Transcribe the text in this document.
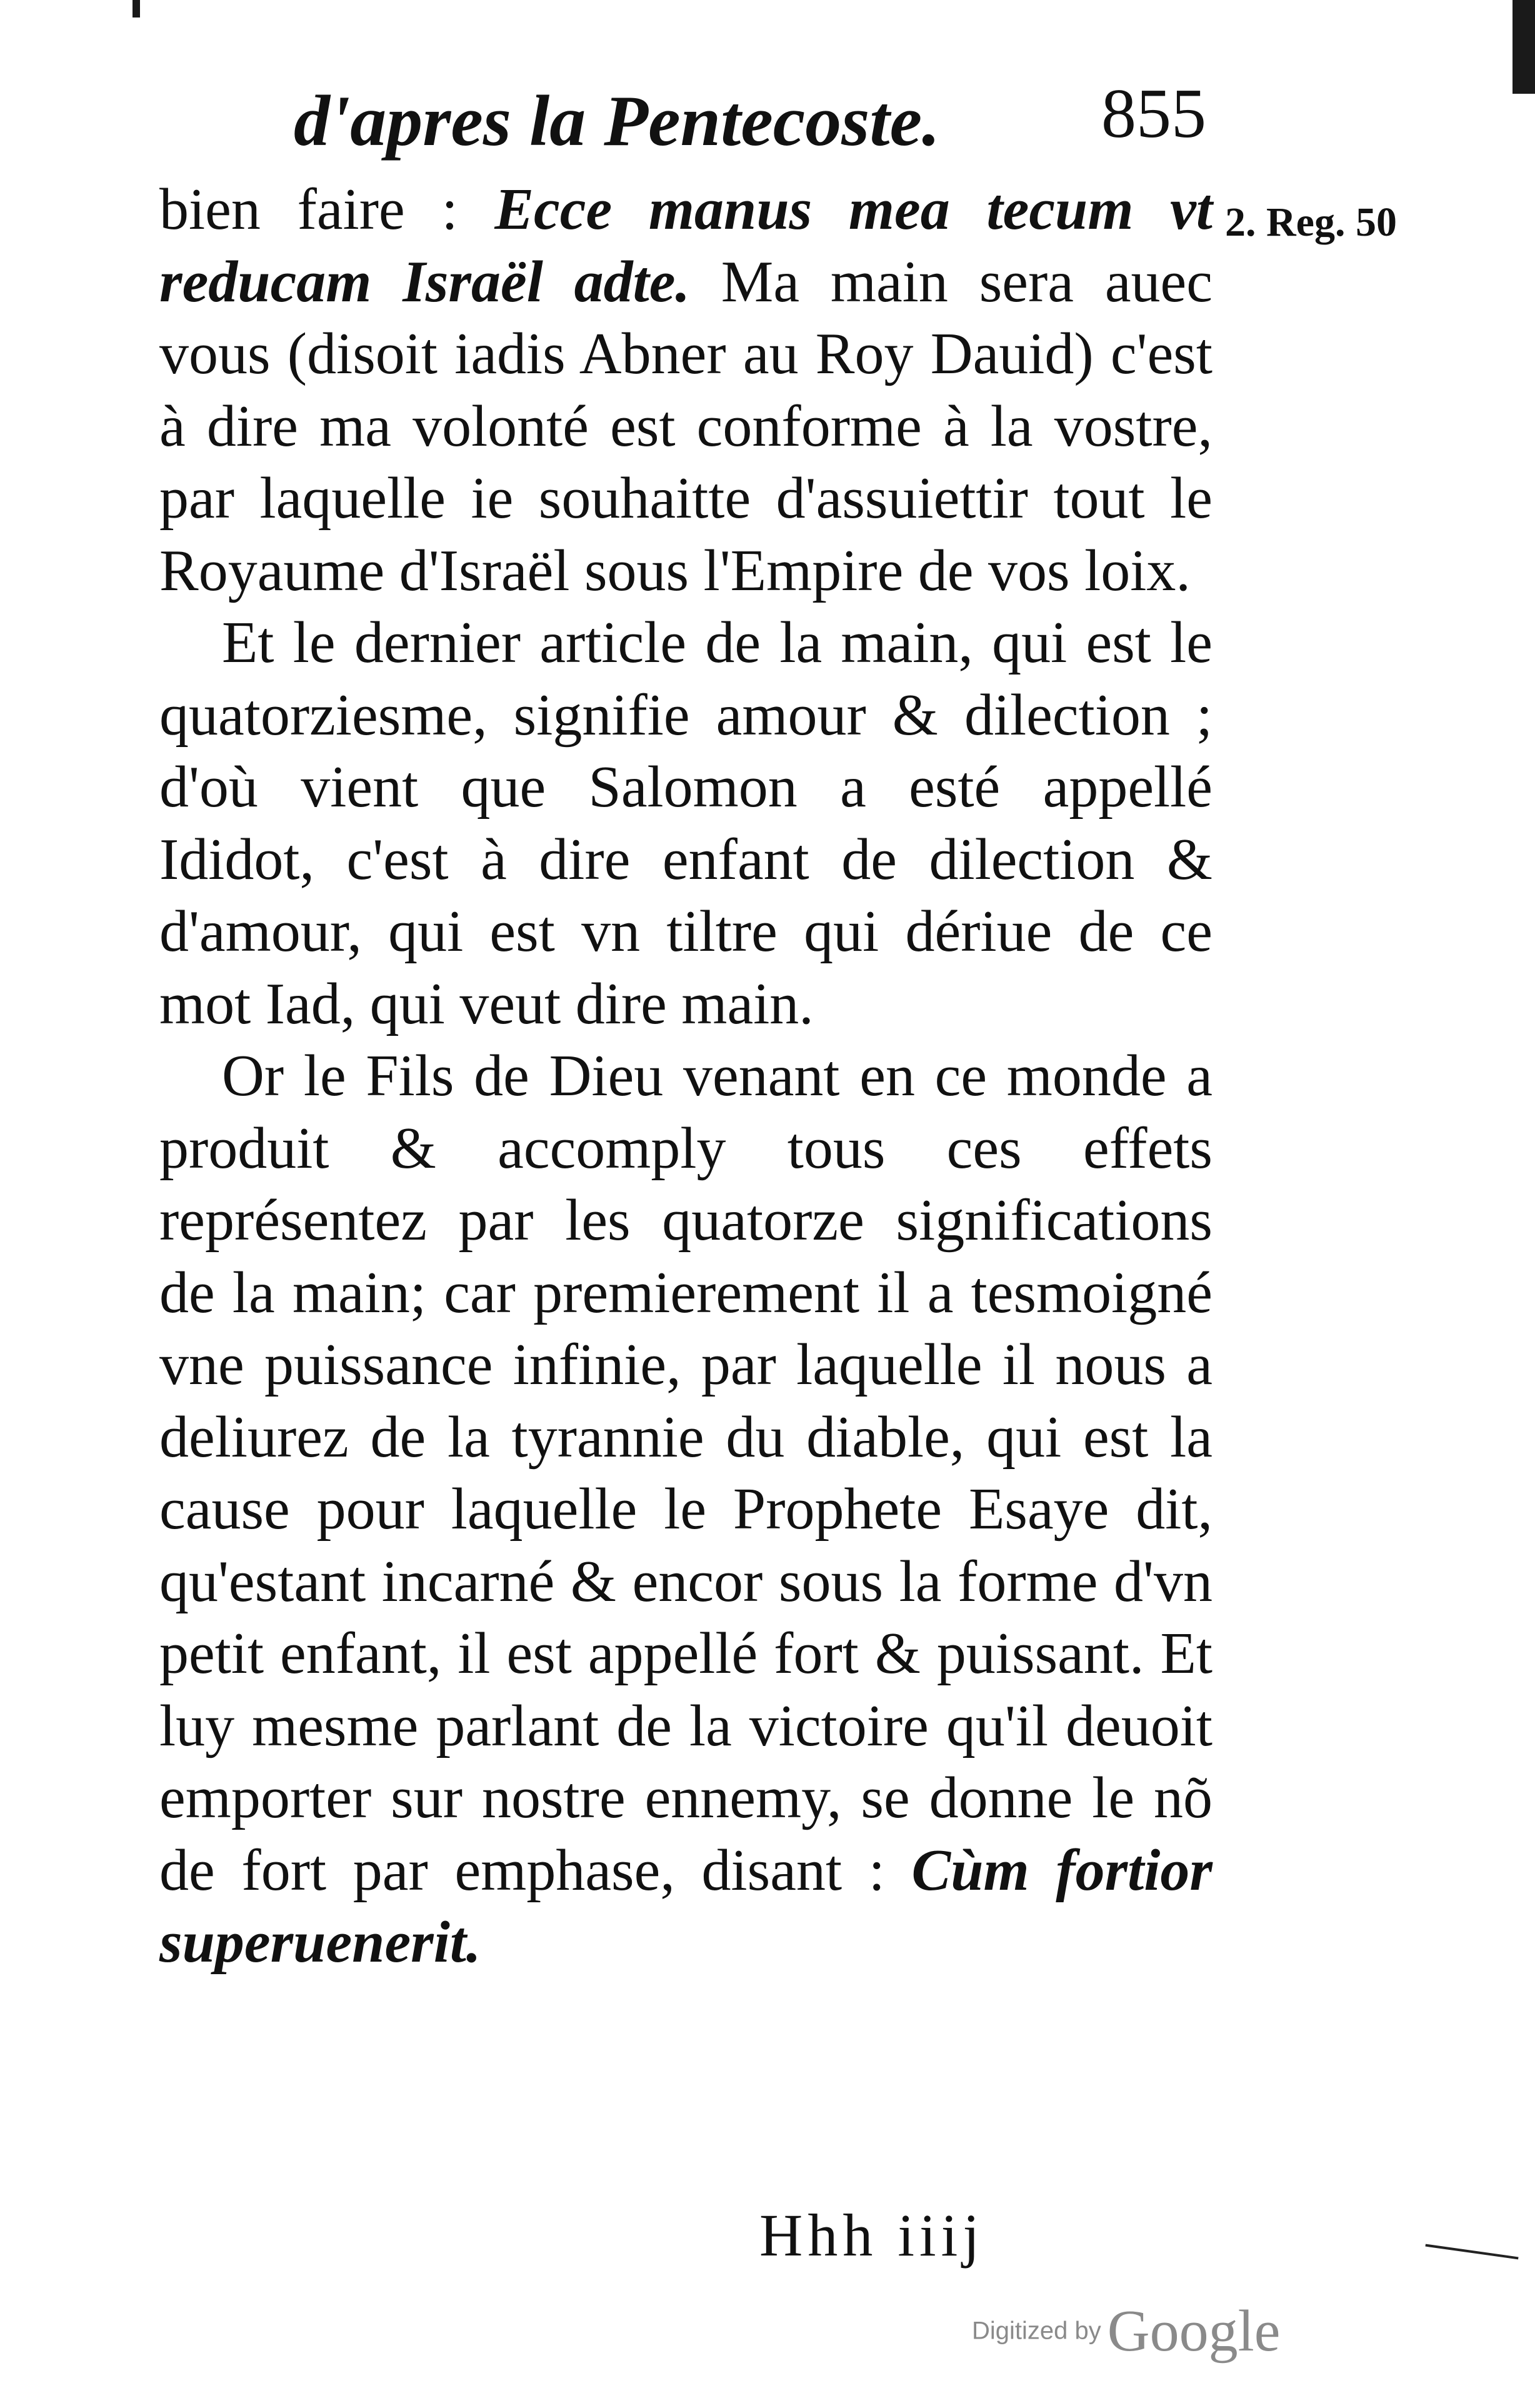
d'apres la Pentecoste. 855
2. Reg. 50

bien faire : Ecce manus mea tecum vt reducam Israël adte. Ma main sera auec vous (disoit iadis Abner au Roy Dauid) c'est à dire ma volonté est conforme à la vostre, par laquelle ie souhaitte d'assuiettir tout le Royaume d'Israël sous l'Empire de vos loix.

Et le dernier article de la main, qui est le quatorziesme, signifie amour & dilection ; d'où vient que Salomon a esté appellé Ididot, c'est à dire enfant de dilection & d'amour, qui est vn tiltre qui dériue de ce mot Iad, qui veut dire main.

Or le Fils de Dieu venant en ce monde a produit & accomply tous ces effets représentez par les quatorze significations de la main; car premierement il a tesmoigné vne puissance infinie, par laquelle il nous a deliurez de la tyrannie du diable, qui est la cause pour laquelle le Prophete Esaye dit, qu'estant incarné & encor sous la forme d'vn petit enfant, il est appellé fort & puissant. Et luy mesme parlant de la victoire qu'il deuoit emporter sur nostre ennemy, se donne le nõ de fort par emphase, disant : Cùm fortior superuenerit.

Hhh iiij
Digitized by Google
